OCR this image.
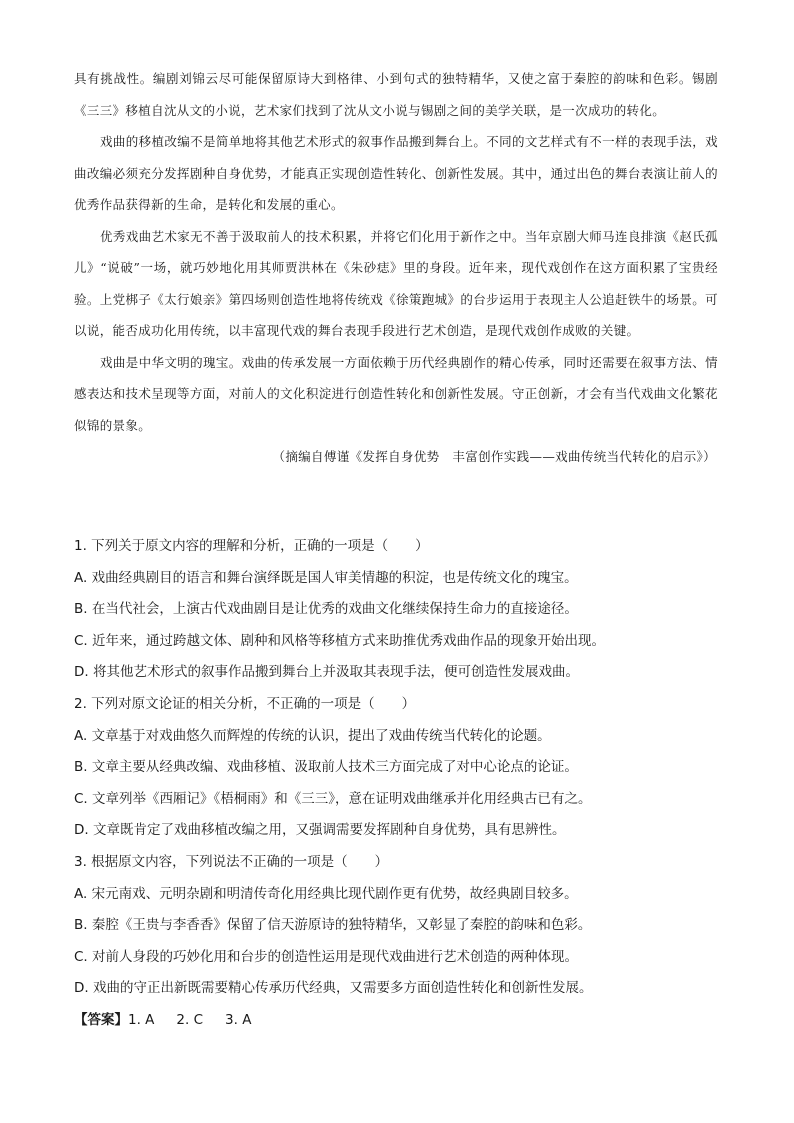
具有挑战性。编剧刘锦云尽可能保留原诗大到格律、小到句式的独特精华，又使之富于秦腔的韵味和色彩。锡剧《三三》移植自沈从文的小说，艺术家们找到了沈从文小说与锡剧之间的美学关联，是一次成功的转化。

戏曲的移植改编不是简单地将其他艺术形式的叙事作品搬到舞台上。不同的文艺样式有不一样的表现手法，戏曲改编必须充分发挥剧种自身优势，才能真正实现创造性转化、创新性发展。其中，通过出色的舞台表演让前人的优秀作品获得新的生命，是转化和发展的重心。

优秀戏曲艺术家无不善于汲取前人的技术积累，并将它们化用于新作之中。当年京剧大师马连良排演《赵氏孤儿》“说破”一场，就巧妙地化用其师贾洪林在《朱砂痣》里的身段。近年来，现代戏创作在这方面积累了宝贵经验。上党梆子《太行娘亲》第四场则创造性地将传统戏《徐策跑城》的台步运用于表现主人公追赶铁牛的场景。可以说，能否成功化用传统，以丰富现代戏的舞台表现手段进行艺术创造，是现代戏创作成败的关键。

戏曲是中华文明的瑰宝。戏曲的传承发展一方面依赖于历代经典剧作的精心传承，同时还需要在叙事方法、情感表达和技术呈现等方面，对前人的文化积淀进行创造性转化和创新性发展。守正创新，才会有当代戏曲文化繁花似锦的景象。

（摘编自傅谨《发挥自身优势　丰富创作实践——戏曲传统当代转化的启示》）

1. 下列关于原文内容的理解和分析，正确的一项是（　　）
A. 戏曲经典剧目的语言和舞台演绎既是国人审美情趣的积淀，也是传统文化的瑰宝。
B. 在当代社会，上演古代戏曲剧目是让优秀的戏曲文化继续保持生命力的直接途径。
C. 近年来，通过跨越文体、剧种和风格等移植方式来助推优秀戏曲作品的现象开始出现。
D. 将其他艺术形式的叙事作品搬到舞台上并汲取其表现手法，便可创造性发展戏曲。
2. 下列对原文论证的相关分析，不正确的一项是（　　）
A. 文章基于对戏曲悠久而辉煌的传统的认识，提出了戏曲传统当代转化的论题。
B. 文章主要从经典改编、戏曲移植、汲取前人技术三方面完成了对中心论点的论证。
C. 文章列举《西厢记》《梧桐雨》和《三三》，意在证明戏曲继承并化用经典古已有之。
D. 文章既肯定了戏曲移植改编之用，又强调需要发挥剧种自身优势，具有思辨性。
3. 根据原文内容，下列说法不正确的一项是（　　）
A. 宋元南戏、元明杂剧和明清传奇化用经典比现代剧作更有优势，故经典剧目较多。
B. 秦腔《王贵与李香香》保留了信天游原诗的独特精华，又彰显了秦腔的韵味和色彩。
C. 对前人身段的巧妙化用和台步的创造性运用是现代戏曲进行艺术创造的两种体现。
D. 戏曲的守正出新既需要精心传承历代经典，又需要多方面创造性转化和创新性发展。
【答案】1. A 2. C 3. A
